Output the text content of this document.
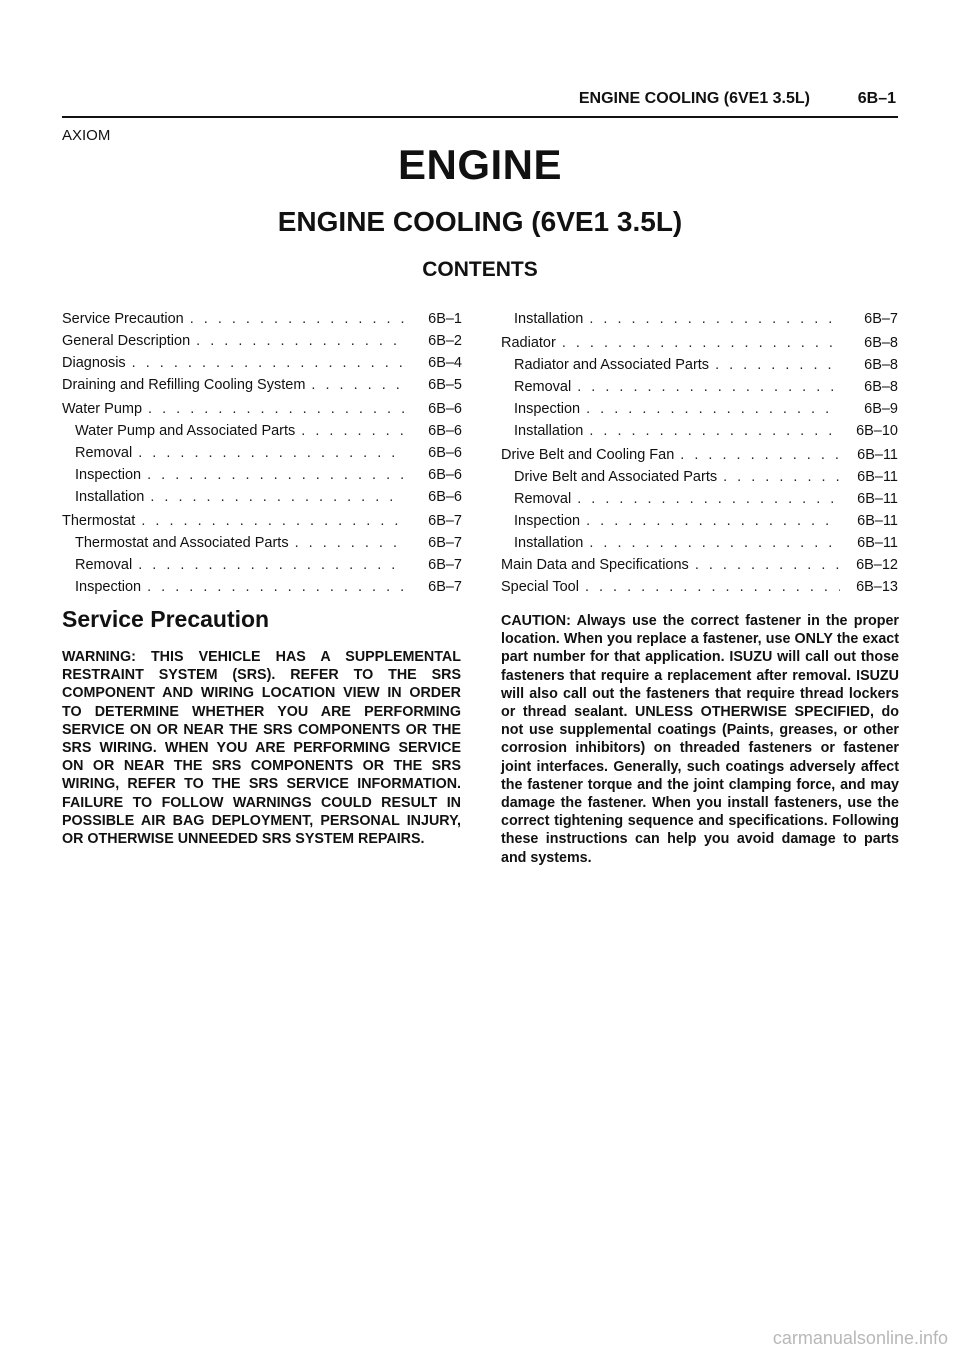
ENGINE COOLING (6VE1 3.5L)	6B–1
AXIOM
ENGINE
ENGINE COOLING (6VE1 3.5L)
CONTENTS
Service Precaution . . .	6B–1
General Description . . .	6B–2
Diagnosis . . .	6B–4
Draining and Refilling Cooling System . . .	6B–5
Water Pump . . .	6B–6
Water Pump and Associated Parts . . .	6B–6
Removal . . .	6B–6
Inspection . . .	6B–6
Installation . . .	6B–6
Thermostat . . .	6B–7
Thermostat and Associated Parts . . .	6B–7
Removal . . .	6B–7
Inspection . . .	6B–7
Installation . . .	6B–7
Radiator . . .	6B–8
Radiator and Associated Parts . . .	6B–8
Removal . . .	6B–8
Inspection . . .	6B–9
Installation . . .	6B–10
Drive Belt and Cooling Fan . . .	6B–11
Drive Belt and Associated Parts . . .	6B–11
Removal . . .	6B–11
Inspection . . .	6B–11
Installation . . .	6B–11
Main Data and Specifications . . .	6B–12
Special Tool . . .	6B–13
Service Precaution
WARNING: THIS VEHICLE HAS A SUPPLEMENTAL RESTRAINT SYSTEM (SRS). REFER TO THE SRS COMPONENT AND WIRING LOCATION VIEW IN ORDER TO DETERMINE WHETHER YOU ARE PERFORMING SERVICE ON OR NEAR THE SRS COMPONENTS OR THE SRS WIRING. WHEN YOU ARE PERFORMING SERVICE ON OR NEAR THE SRS COMPONENTS OR THE SRS WIRING, REFER TO THE SRS SERVICE INFORMATION. FAILURE TO FOLLOW WARNINGS COULD RESULT IN POSSIBLE AIR BAG DEPLOYMENT, PERSONAL INJURY, OR OTHERWISE UNNEEDED SRS SYSTEM REPAIRS.
CAUTION: Always use the correct fastener in the proper location. When you replace a fastener, use ONLY the exact part number for that application. ISUZU will call out those fasteners that require a replacement after removal. ISUZU will also call out the fasteners that require thread lockers or thread sealant. UNLESS OTHERWISE SPECIFIED, do not use supplemental coatings (Paints, greases, or other corrosion inhibitors) on threaded fasteners or fastener joint interfaces. Generally, such coatings adversely affect the fastener torque and the joint clamping force, and may damage the fastener. When you install fasteners, use the correct tightening sequence and specifications. Following these instructions can help you avoid damage to parts and systems.
carmanualsonline.info
